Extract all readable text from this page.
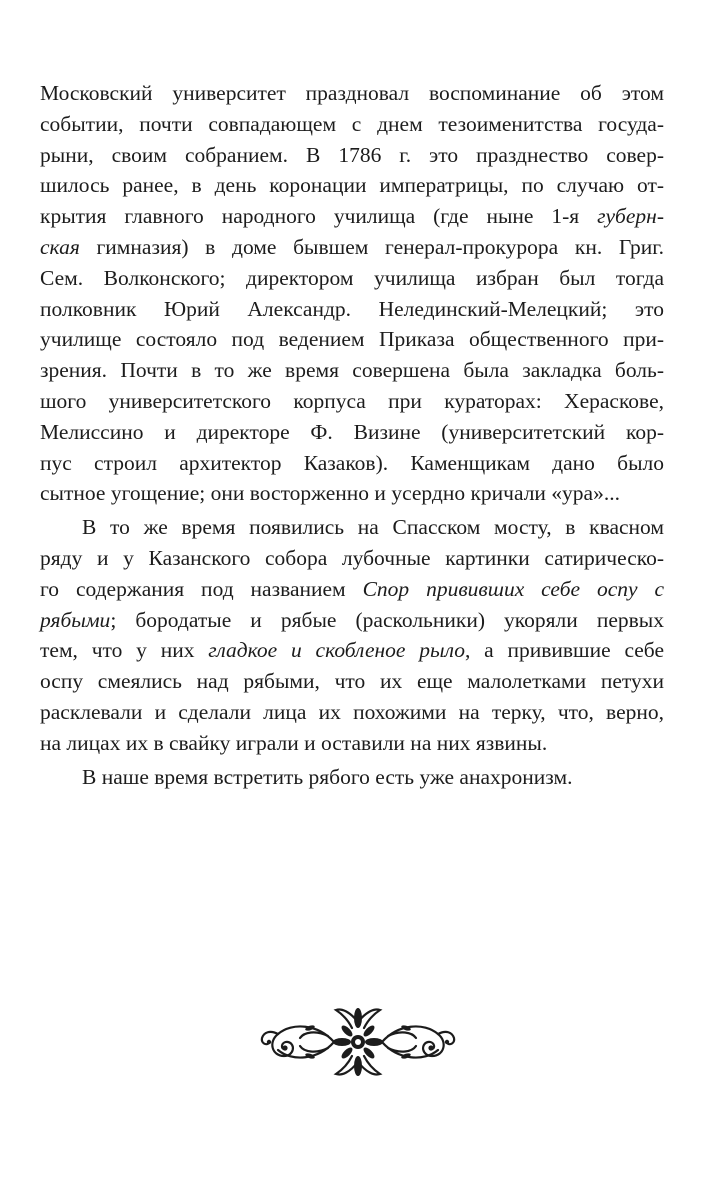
Московский университет праздновал воспоминание об этом
событии, почти совпадающем с днем тезоименитства госуда-
рыни, своим собранием. В 1786 г. это празднество совер-
шилось ранее, в день коронации императрицы, по случаю от-
крытия главного народного училища (где ныне 1-я губерн-
ская гимназия) в доме бывшем генерал-прокурора кн. Григ.
Сем. Волконского; директором училища избран был тогда
полковник Юрий Александр. Нелединский-Мелецкий; это
училище состояло под ведением Приказа общественного при-
зрения. Почти в то же время совершена была закладка боль-
шого университетского корпуса при кураторах: Хераскове,
Мелиссино и директоре Ф. Визине (университетский кор-
пус строил архитектор Казаков). Каменщикам дано было
сытное угощение; они восторженно и усердно кричали «ура»...
В то же время появились на Спасском мосту, в квасном
ряду и у Казанского собора лубочные картинки сатирическо-
го содержания под названием Спор привившиx себе оспу с
рябыми; бородатые и рябые (раскольники) укоряли первых
тем, что у них гладкое и скобленое рыло, а привившие себе
оспу смеялись над рябыми, что их еще малолетками петухи
расклевали и сделали лица их похожими на терку, что, верно,
на лицах их в свайку играли и оставили на них язвины.
В наше время встретить рябого есть уже анахронизм.
